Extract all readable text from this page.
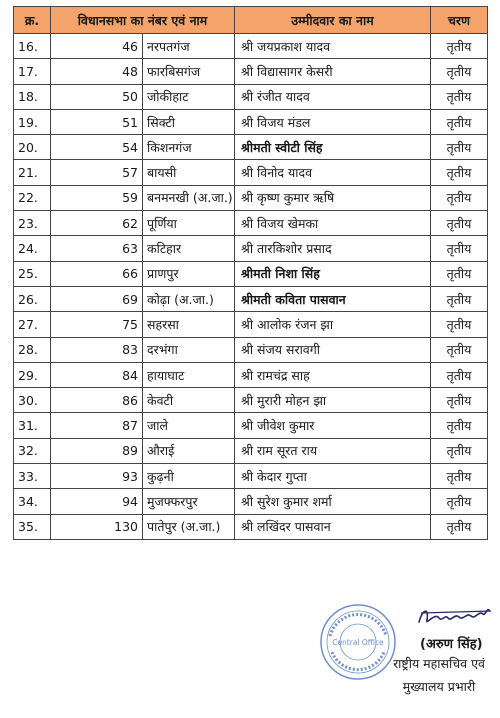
क्र.	विधानसभा का नंबर एवं नाम		उम्मीदवार का नाम	चरण
16.	46	नरपतगंज	श्री जयप्रकाश यादव	तृतीय
17.	48	फारबिसगंज	श्री विद्यासागर केसरी	तृतीय
18.	50	जोकीहाट	श्री रंजीत यादव	तृतीय
19.	51	सिक्टी	श्री विजय मंडल	तृतीय
20.	54	किशनगंज	श्रीमती स्वीटी सिंह	तृतीय
21.	57	बायसी	श्री विनोद यादव	तृतीय
22.	59	बनमनखी (अ.जा.)	श्री कृष्ण कुमार ऋषि	तृतीय
23.	62	पूर्णिया	श्री विजय खेमका	तृतीय
24.	63	कटिहार	श्री तारकिशोर प्रसाद	तृतीय
25.	66	प्राणपुर	श्रीमती निशा सिंह	तृतीय
26.	69	कोढ़ा (अ.जा.)	श्रीमती कविता पासवान	तृतीय
27.	75	सहरसा	श्री आलोक रंजन झा	तृतीय
28.	83	दरभंगा	श्री संजय सरावगी	तृतीय
29.	84	हायाघाट	श्री रामचंद्र साह	तृतीय
30.	86	केवटी	श्री मुरारी मोहन झा	तृतीय
31.	87	जाले	श्री जीवेश कुमार	तृतीय
32.	89	औराई	श्री राम सूरत राय	तृतीय
33.	93	कुढ़नी	श्री केदार गुप्ता	तृतीय
34.	94	मुजफ्फरपुर	श्री सुरेश कुमार शर्मा	तृतीय
35.	130	पातेपुर (अ.जा.)	श्री लखिंदर पासवान	तृतीय
Central Office	(अरुण सिंह)
राष्ट्रीय महासचिव एवं
मुख्यालय प्रभारी
